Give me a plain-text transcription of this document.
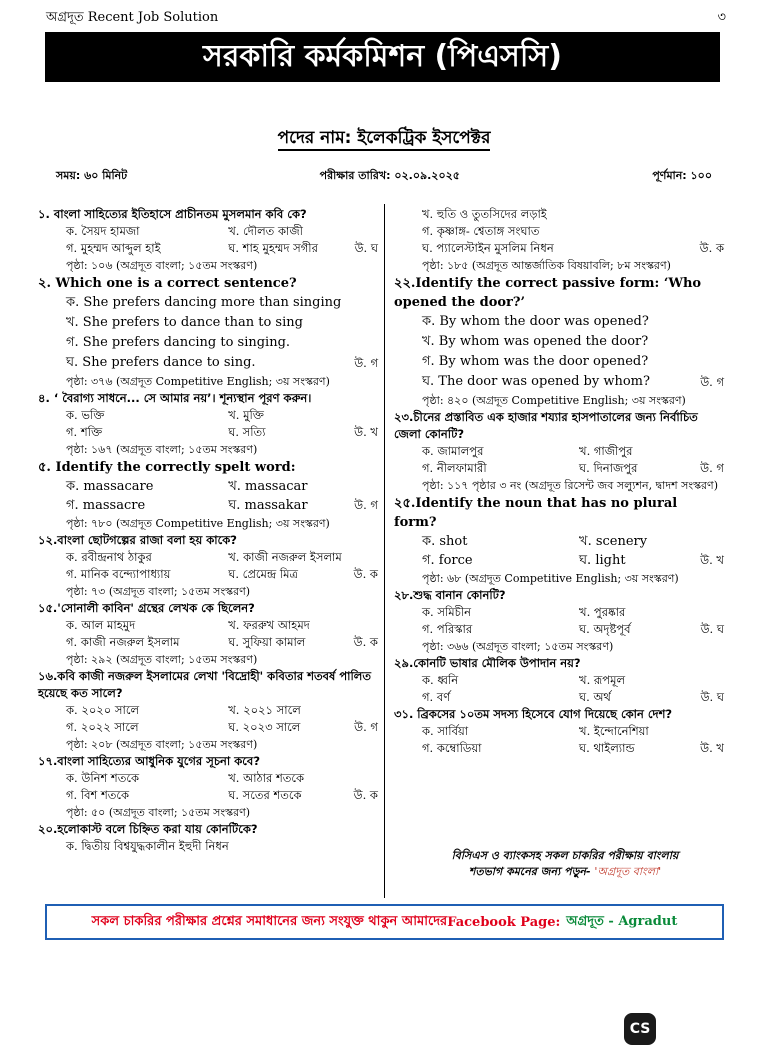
অগ্রদূত Recent Job Solution	৩
সরকারি কর্মকমিশন (পিএসসি)
পদের নাম: ইলেকট্রিক ইসপেক্টর
সময়: ৬০ মিনিট	পরীক্ষার তারিখ: ০২.০৯.২০২৫	পূর্ণমান: ১০০
১. বাংলা সাহিত্যের ইতিহাসে প্রাচীনতম মুসলমান কবি কে?
ক. সৈয়দ হামজা	খ. দৌলত কাজী
গ. মুহম্মদ আব্দুল হাই	ঘ. শাহ মুহম্মদ সগীর	উ. ঘ
পৃষ্ঠা: ১০৬ (অগ্রদূত বাংলা; ১৫তম সংস্করণ)
২. Which one is a correct sentence?
ক. She prefers dancing more than singing
খ. She prefers to dance than to sing
গ. She prefers dancing to singing.
ঘ. She prefers dance to sing.	উ. গ
পৃষ্ঠা: ৩৭৬ (অগ্রদূত Competitive English; ৩য় সংস্করণ)
৪. ‘ বৈরাগ্য সাধনে... সে আমার নয়’। শূন্যস্থান পূরণ করুন।
ক. ভক্তি	খ. মুক্তি
গ. শক্তি	ঘ. সত্যি	উ. খ
পৃষ্ঠা: ১৬৭ (অগ্রদূত বাংলা; ১৫তম সংস্করণ)
৫. Identify the correctly spelt word:
ক. massacare	খ. massacar
গ. massacre	ঘ. massakar	উ. গ
পৃষ্ঠা: ৭৮০ (অগ্রদূত Competitive English; ৩য় সংস্করণ)
১২.বাংলা ছোটগল্পের রাজা বলা হয় কাকে?
ক. রবীন্দ্রনাথ ঠাকুর	খ. কাজী নজরুল ইসলাম
গ. মানিক বন্দ্যোপাধ্যায়	ঘ. প্রেমেন্দ্র মিত্র	উ. ক
পৃষ্ঠা: ৭৩ (অগ্রদূত বাংলা; ১৫তম সংস্করণ)
১৫.'সোনালী কাবিন' গ্রন্থের লেখক কে ছিলেন?
ক. আল মাহমুদ	খ. ফররুখ আহমদ
গ. কাজী নজরুল ইসলাম	ঘ. সুফিয়া কামাল	উ. ক
পৃষ্ঠা: ২৯২ (অগ্রদূত বাংলা; ১৫তম সংস্করণ)
১৬.কবি কাজী নজরুল ইসলামের লেখা 'বিদ্রোহী' কবিতার শতবর্ষ পালিত হয়েছে কত সালে?
ক. ২০২০ সালে	খ. ২০২১ সালে
গ. ২০২২ সালে	ঘ. ২০২৩ সালে	উ. গ
পৃষ্ঠা: ২০৮ (অগ্রদূত বাংলা; ১৫তম সংস্করণ)
১৭.বাংলা সাহিত্যের আধুনিক যুগের সূচনা কবে?
ক. উনিশ শতকে	খ. আঠার শতকে
গ. বিশ শতকে	ঘ. সতের শতকে	উ. ক
পৃষ্ঠা: ৫০ (অগ্রদূত বাংলা; ১৫তম সংস্করণ)
২০.হলোকাস্ট বলে চিহ্নিত করা যায় কোনটিকে?
ক. দ্বিতীয় বিশ্বযুদ্ধকালীন ইহুদী নিধন
খ. হুতি ও তুতসিদের লড়াই
গ. কৃষ্ণাঙ্গ- শ্বেতাঙ্গ সংঘাত
ঘ. প্যালেস্টাইন মুসলিম নিধন	উ. ক
পৃষ্ঠা: ১৮৫ (অগ্রদূত আন্তর্জাতিক বিষয়াবলি; ৮ম সংস্করণ)
২২.Identify the correct passive form: ‘Who opened the door?’
ক. By whom the door was opened?
খ. By whom was opened the door?
গ. By whom was the door opened?
ঘ. The door was opened by whom?	উ. গ
পৃষ্ঠা: ৪২০ (অগ্রদূত Competitive English; ৩য় সংস্করণ)
২৩.চীনের প্রস্তাবিত এক হাজার শয্যার হাসপাতালের জন্য নির্বাচিত জেলা কোনটি?
ক. জামালপুর	খ. গাজীপুর
গ. নীলফামারী	ঘ. দিনাজপুর	উ. গ
পৃষ্ঠা: ১১৭ পৃষ্ঠার ৩ নং (অগ্রদূত রিসেন্ট জব সল্যুশন, দ্বাদশ সংস্করণ)
২৫.Identify the noun that has no plural form?
ক. shot	খ. scenery
গ. force	ঘ. light	উ. খ
পৃষ্ঠা: ৬৮ (অগ্রদূত Competitive English; ৩য় সংস্করণ)
২৮.শুদ্ধ বানান কোনটি?
ক. সমিচীন	খ. পুরষ্কার
গ. পরিস্কার	ঘ. অদৃষ্টপূর্ব	উ. ঘ
পৃষ্ঠা: ৩৬৬ (অগ্রদূত বাংলা; ১৫তম সংস্করণ)
২৯.কোনটি ভাষার মৌলিক উপাদান নয়?
ক. ধ্বনি	খ. রূপমূল
গ. বর্ণ	ঘ. অর্থ	উ. ঘ
৩১. ব্রিকসের ১০তম সদস্য হিসেবে যোগ দিয়েছে কোন দেশ?
ক. সার্বিয়া	খ. ইন্দোনেশিয়া
গ. কম্বোডিয়া	ঘ. থাইল্যান্ড	উ. খ
বিসিএস ও ব্যাংকসহ সকল চাকরির পরীক্ষায় বাংলায়
শতভাগ কমনের জন্য পড়ুন- 'অগ্রদূত বাংলা'
সকল চাকরির পরীক্ষার প্রশ্নের সমাধানের জন্য সংযুক্ত থাকুন আমাদের Facebook Page: অগ্রদূত - Agradut
CS
